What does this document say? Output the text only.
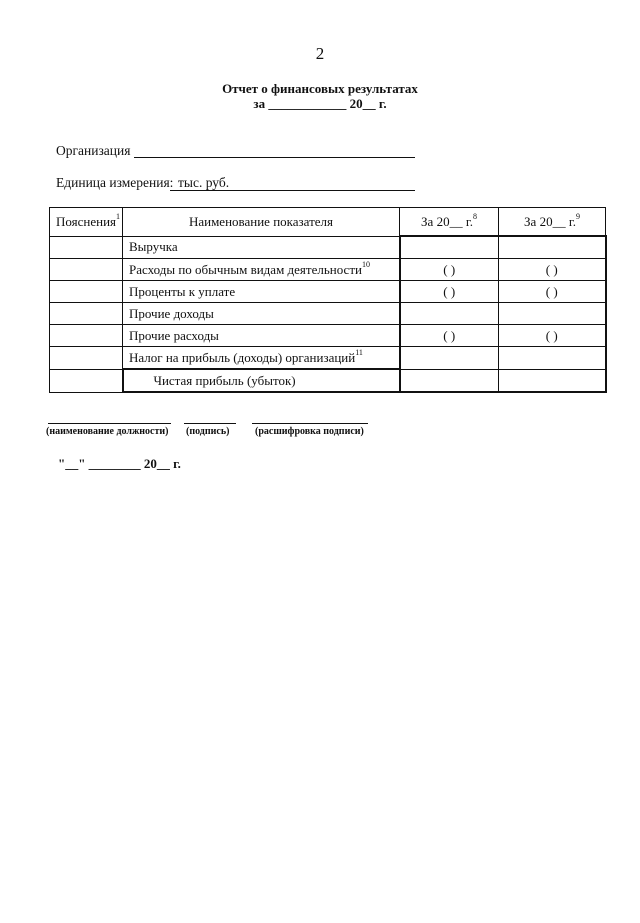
2
Отчет о финансовых результатах
за ____________ 20__ г.
Организация
Единица измерения: тыс. руб.
Пояснения$^1$	Наименование показателя	За 20__ г.$^8$	За 20__ г.$^9$
	Выручка		
	Расходы по обычным видам деятельности$^{10}$	( )	( )
	Проценты к уплате	( )	( )
	Прочие доходы		
	Прочие расходы	( )	( )
	Налог на прибыль (доходы) организаций$^{11}$		
	Чистая прибыль (убыток)		
(наименование должности) (подпись)	(расшифровка подписи)
"__" ________ 20__ г.
